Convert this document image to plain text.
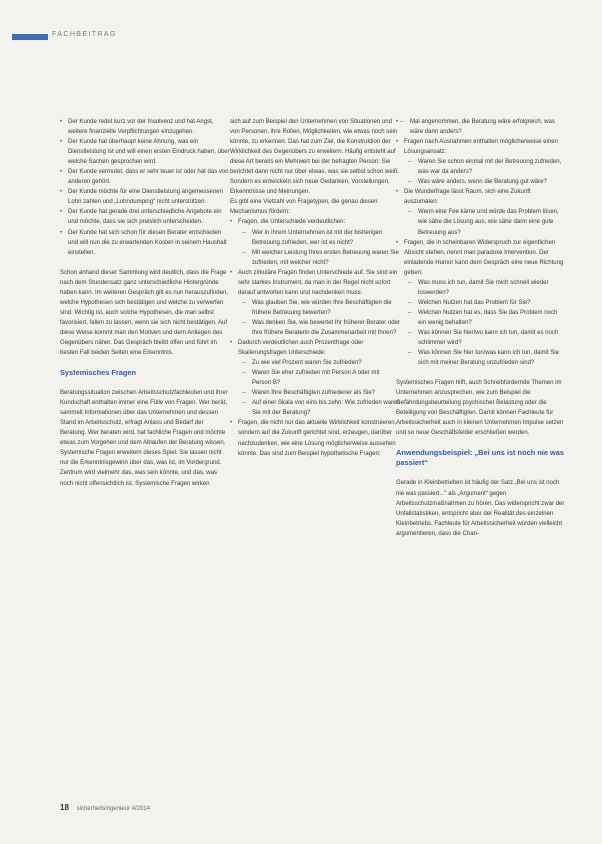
FACHBEITRAG
• Der Kunde redet kurz vor der Insolvenz und hat Angst, weitere finanzielle Verpflichtungen einzugehen.
• Der Kunde hat überhaupt keine Ahnung, was ein Dienstleistung ist und will einen ersten Eindruck haben, über welche Sachen gesprochen wird.
• Der Kunde vermutet, dass er sehr teuer ist oder hat das von anderen gehört.
• Der Kunde möchte für eine Dienstleistung angemessenen Lohn zahlen und „Lohndumping“ nicht unterstützen.
• Der Kunde hat gerade drei unterschiedliche Angebote ein und möchte, dass sie sich preislich unterscheiden.
• Der Kunde hat sich schon für diesen Berater entschieden und will nun die zu erwartenden Kosten in seinem Haushalt einstellen.

Schon anhand dieser Sammlung wird deutlich, dass die Frage nach dem Stundensatz ganz unterschiedliche Hintergründe haben kann. Im weiteren Gespräch gilt es nun herauszufinden, welche Hypothesen sich bestätigen und welche zu verwerfen sind. Wichtig ist, auch solche Hypothesen, die man selbst favorisiert, fallen zu lassen, wenn sie sich nicht bestätigen. Auf diese Weise kommt man den Motiven und dem Anliegen des Gegenübers näher. Das Gespräch bleibt offen und führt im besten Fall beiden Seiten eine Erkenntnis.

Systemisches Fragen

Beratungssituation zwischen Arbeitsschutzfachleuten und ihrer Kundschaft enthalten immer eine Fülle von Fragen. Wer berät, sammelt Informationen über das Unternehmen und dessen Stand im Arbeitsschutz, erfragt Anlass und Bedarf der Beratung. Wer beraten wird, hat fachliche Fragen und möchte etwas zum Vorgehen und dem Ablaufen der Beratung wissen.

Systemische Fragen erweitern dieses Spiel. Sie lassen nicht nur die Erkenntnisgewinn über das, was ist, im Vordergrund. Zentrum wird vielmehr das, was sein könnte, und das, was noch nicht offensichtlich ist. Systemische Fragen wirken

sich auf zum Beispiel den Unternehmen von Situationen und von Personen, ihre Rollen, Möglichkeiten, wie etwas noch sein könnte, zu erkennen. Das hat zum Ziel, die Konstruktion der Wirklichkeit des Gegenübers zu erweitern. Häufig entsteht auf diese Art bereits ein Mehrwert bei der befragten Person: Sie berichtet dann nicht nur über etwas, was sie selbst schon weiß. Sondern es entwickeln sich neue Gedanken, Vorstellungen, Erkenntnisse und Meinungen.

Es gibt eine Vielzahl von Fragetypen, die genau diesen Mechanismus fördern:

• Fragen, die Unterschiede verdeutlichen:
– Wer in Ihrem Unternehmen ist mit der bisherigen Betreuung zufrieden, wer ist es nicht?
– Mit welcher Leistung Ihres ersten Betreuung waren Sie zufrieden, mit welcher nicht?
• Auch zirkuläre Fragen finden Unterschiede auf. Sie sind ein sehr starkes Instrument, da man in der Regel nicht sofort darauf antworten kann und nachdenken muss:
– Was glauben Sie, wie würden Ihre Beschäftigten die frühere Betreuung bewerten?
– Was denken Sie, wie bewertet Ihr früherer Berater oder Ihre frühere Beraterin die Zusammenarbeit mit Ihnen?
• Dadurch verdeutlichen auch Prozentfrage oder Skalierungsfragen Unterschiede:
– Zu wie viel Prozent waren Sie zufrieden?
– Waren Sie eher zufrieden mit Person A oder mit Person B?
– Waren Ihre Beschäftigten zufriedener als Sie?
– Auf einer Skala von eins bis zehn: Wie zufrieden waren Sie mit der Beratung?
• Fragen, die nicht nur das aktuelle Wirklichkeit konstruieren, sondern auf die Zukunft gerichtet sind, erzeugen, darüber nachzudenken, wie eine Lösung möglicherweise aussehen könnte. Das sind zum Beispiel hypothetische Fragen:
– • Mal angenommen, die Beratung wäre erfolgreich, was wäre dann anders?
• Fragen nach Ausnahmen enthalten möglicherweise einen Lösungsansatz:
– Waren Sie schon einmal mit der Betreuung zufrieden, was war da anders?
– Was wäre anders, wenn die Beratung gut wäre?
• Die Wunderfrage lässt Raum, sich eine Zukunft auszumalen:
– Wenn eine Fee käme und würde das Problem lösen, wie sähe die Lösung aus, wie sähe dann eine gute Betreuung aus?
• Fragen, die in scheinbaren Widerspruch zur eigentlichen Absicht stehen, nennt man paradoxe Intervention. Der einladende Humor kann dem Gespräch eine neue Richtung geben:
– Was muss ich tun, damit Sie mich schnell wieder loswerden?
– Welchen Nutzen hat das Problem für Sie?
– Welchen Nutzen hat es, dass Sie das Problem noch ein wenig behalten?
– Was können Sie hier/wo kann ich tun, damit es noch schlimmer wird?
– Was können Sie hier tun/was kann ich tun, damit Sie sich mit meiner Beratung unzufrieden sind?

Systemisches Fragen hilft, auch Schreibfordernde Themen im Unternehmen anzusprechen, wie zum Beispiel die Gefährdungsbeurteilung psychischer Belastung oder die Beteiligung von Beschäftigten. Damit können Fachleute für Arbeitssicherheit auch in kleinen Unternehmen Impulse setzen und so neue Geschäftsfelder erschließen werden.

Anwendungsbeispiel: „Bei uns ist noch nie was passiert“

Gerade in Kleinbetrieben ist häufig der Satz „Bei uns ist noch nie was passiert...“ als „Argument“ gegen Arbeitsschutzmaßnahmen zu hören. Das widerspricht zwar der Unfallstatistiken, entspricht aber der Realität des einzelnen Kleinbetriebs. Fachleute für Arbeitssicherheit würden vielleicht argumentieren, dass die Chan-

18 sicherheitsingenieur 4/2014
